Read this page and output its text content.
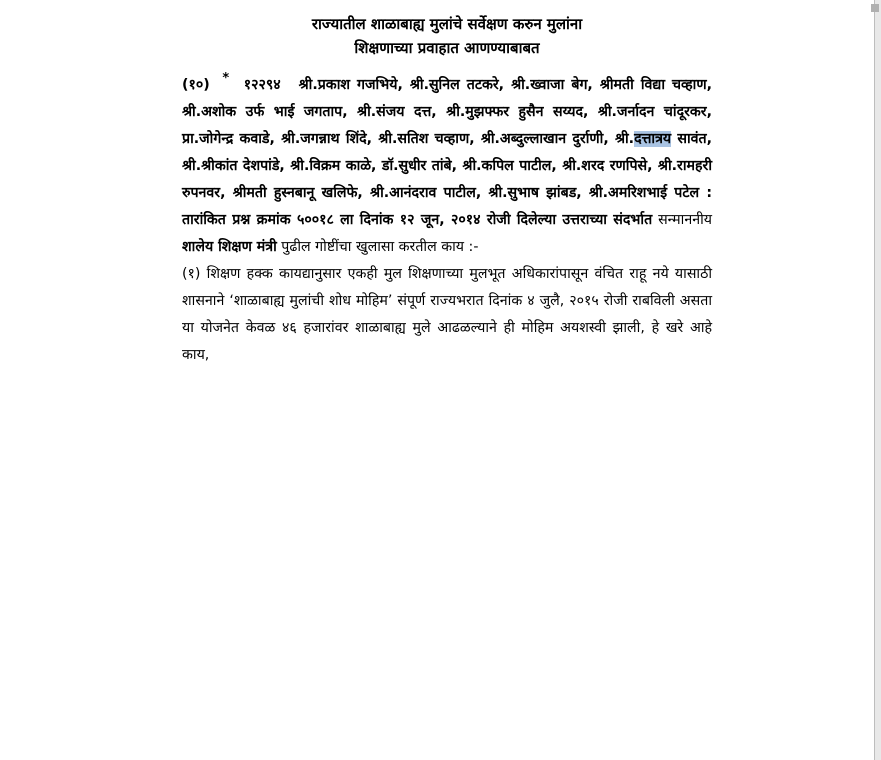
राज्यातील शाळाबाह्य मुलांचे सर्वेक्षण करुन मुलांना
शिक्षणाच्या प्रवाहात आणण्याबाबत
(१०) * १२२९४ श्री.प्रकाश गजभिये, श्री.सुनिल तटकरे, श्री.ख्वाजा बेग, श्रीमती विद्या चव्हाण, श्री.अशोक उर्फ भाई जगताप, श्री.संजय दत्त, श्री.मुझफ्फर हुसैन सय्यद, श्री.जर्नादन चांदूरकर, प्रा.जोगेन्द्र कवाडे, श्री.जगन्नाथ शिंदे, श्री.सतिश चव्हाण, श्री.अब्दुल्लाखान दुर्राणी, श्री.दत्तात्रय सावंत, श्री.श्रीकांत देशपांडे, श्री.विक्रम काळे, डॉ.सुधीर तांबे, श्री.कपिल पाटील, श्री.शरद रणपिसे, श्री.रामहरी रुपनवर, श्रीमती हुस्नबानू खलिफे, श्री.आनंदराव पाटील, श्री.सुभाष झांबड, श्री.अमरिशभाई पटेल : तारांकित प्रश्न क्रमांक ५००१८ ला दिनांक १२ जून, २०१४ रोजी दिलेल्या उत्तराच्या संदर्भात सन्माननीय शालेय शिक्षण मंत्री पुढील गोष्टींचा खुलासा करतील काय :-
(१) शिक्षण हक्क कायद्यानुसार एकही मुल शिक्षणाच्या मुलभूत अधिकारांपासून वंचित राहू नये यासाठी शासनाने ‘शाळाबाह्य मुलांची शोध मोहिम’ संपूर्ण राज्यभरात दिनांक ४ जुलै, २०१५ रोजी राबविली असता या योजनेत केवळ ४६ हजारांवर शाळाबाह्य मुले आढळल्याने ही मोहिम अयशस्वी झाली, हे खरे आहे काय,
